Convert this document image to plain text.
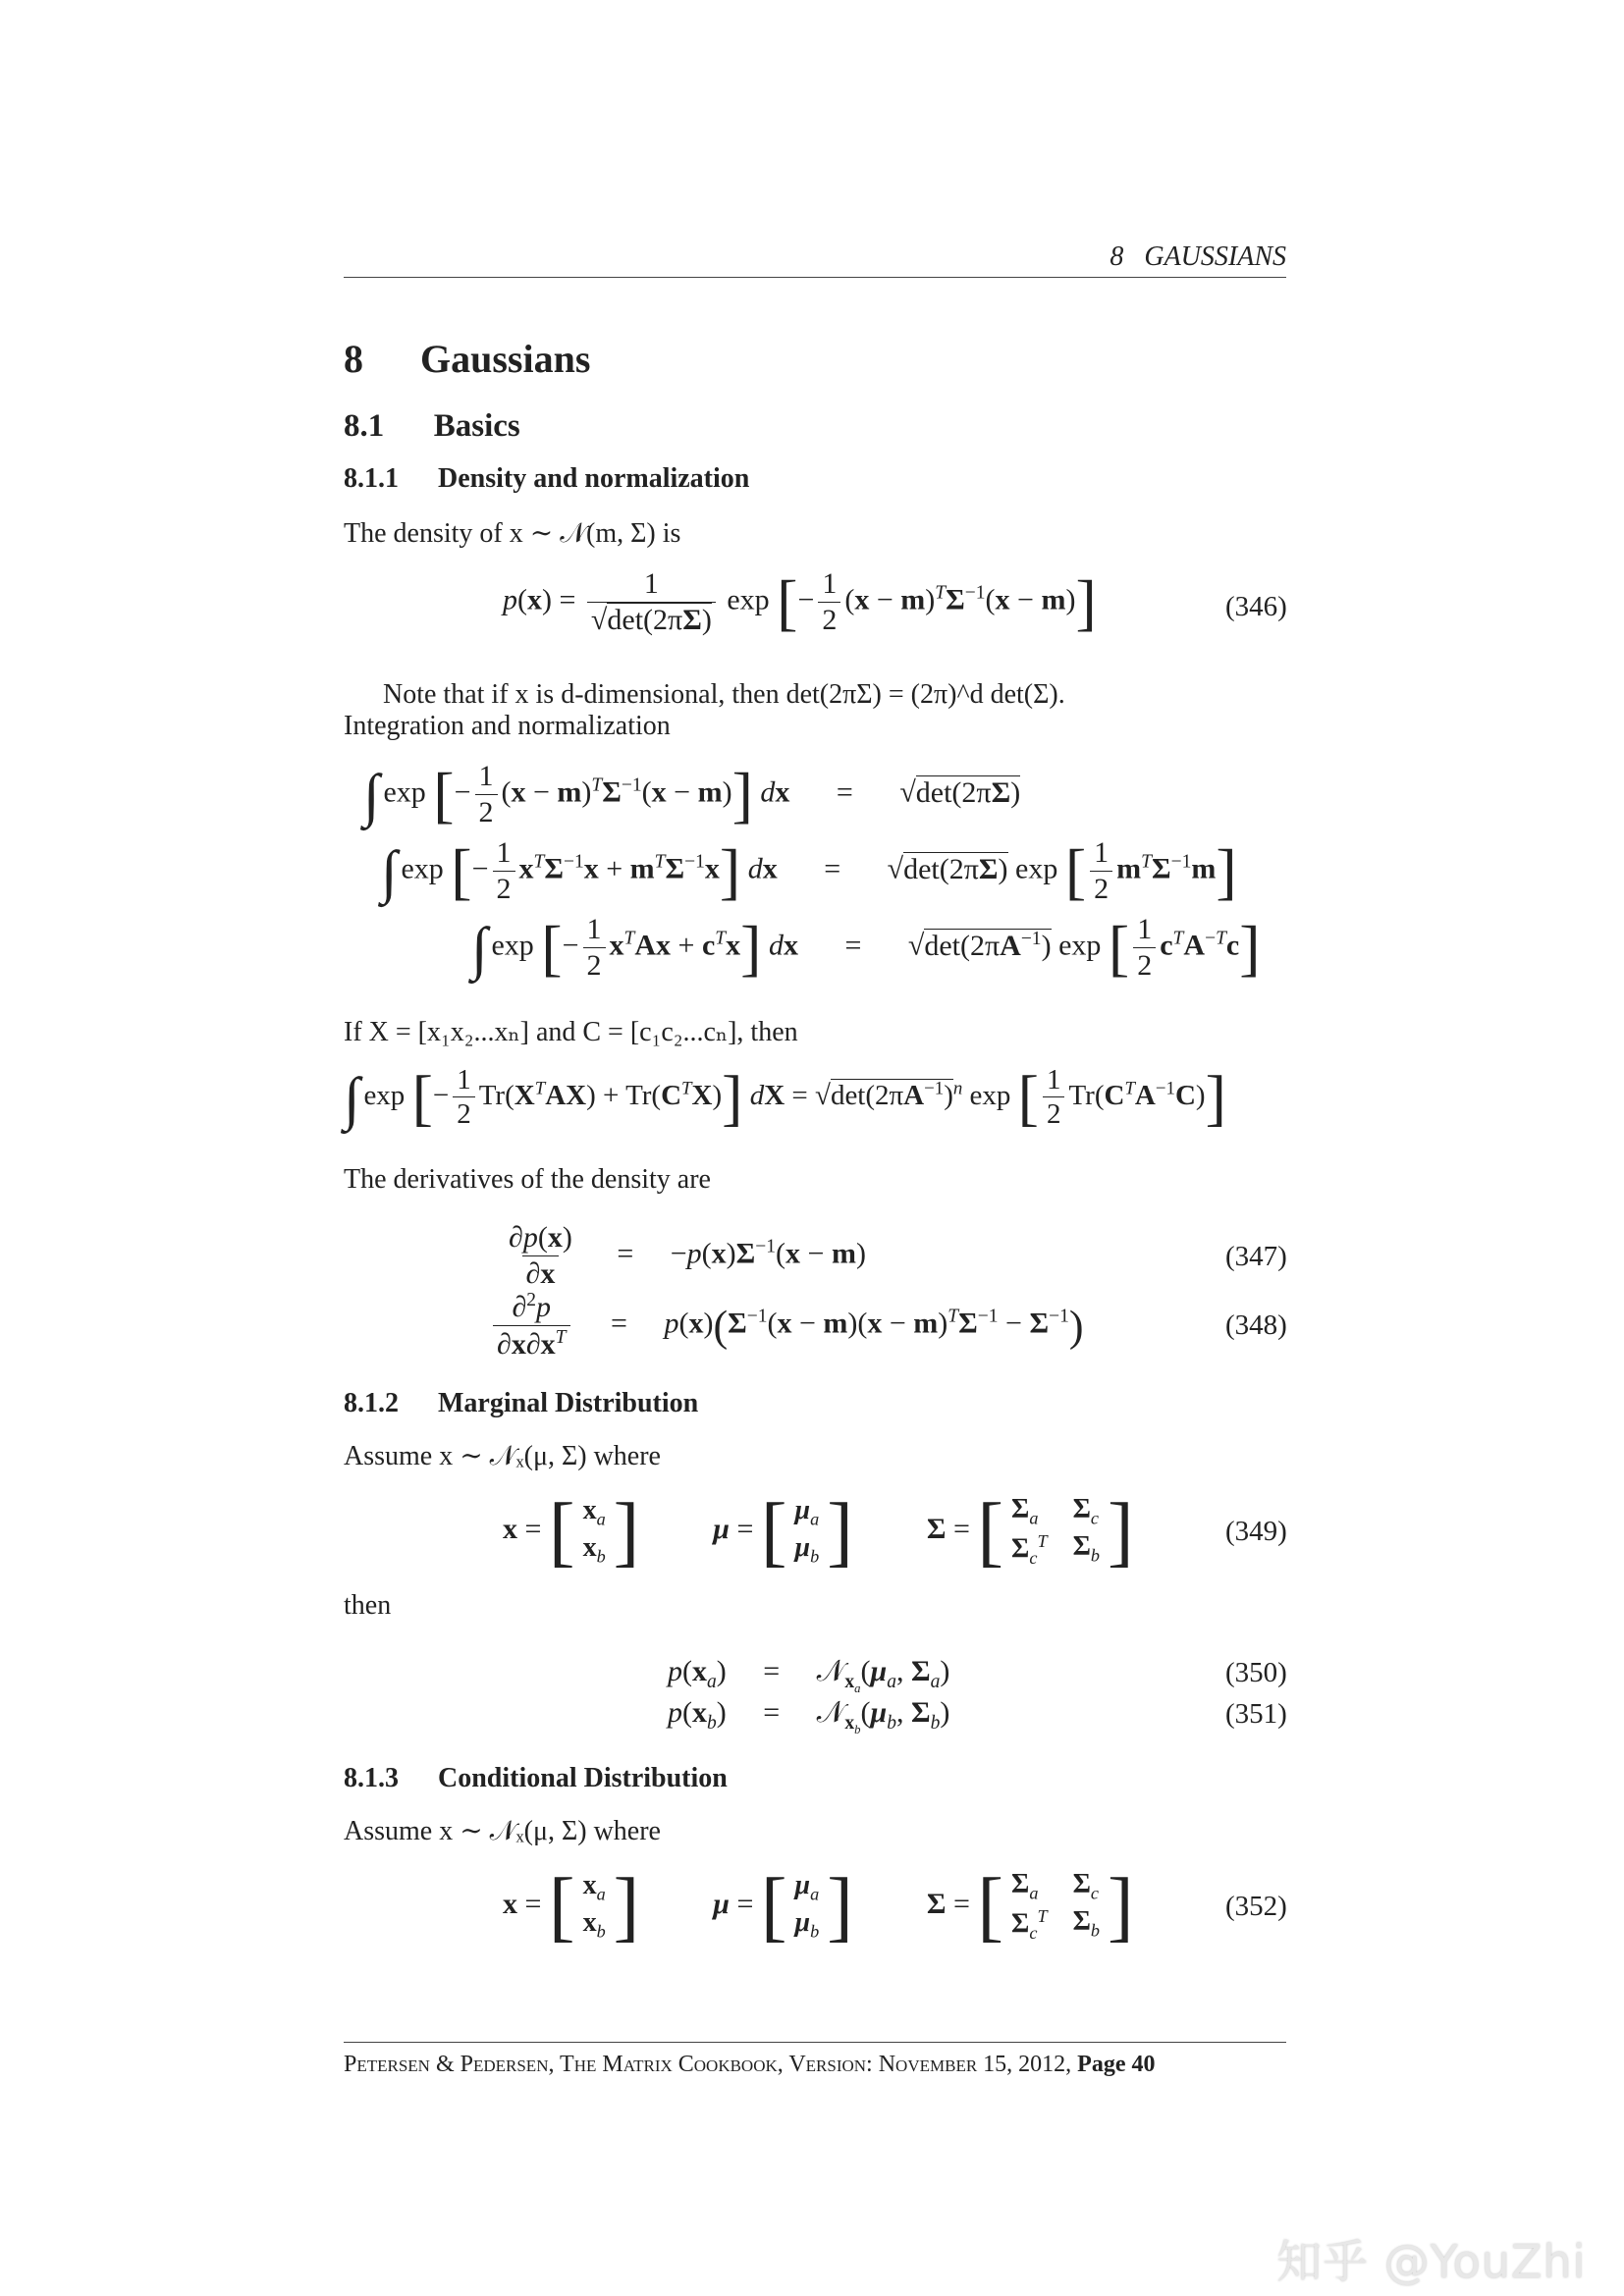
8 GAUSSIANS
8 Gaussians
8.1 Basics
8.1.1 Density and normalization
The density of x ∼ 𝒩(m, Σ) is
$p(x) = \frac{1}{√\det(2\pi\Sigma)}$ exp [− $\frac{1}{2} (x - m)^T\Sigma^{-1}(x - m)$]	(346)
Note that if x is d-dimensional, then det(2πΣ) = (2π)^d det(Σ).
Integration and normalization
∫ exp [− $\frac{1}{2} (x - m)^T\Sigma^{-1}(x - m)$] dx = √det(2πΣ)
∫ exp [− $\frac{1}{2} x^T\Sigma^{-1}x + m^T\Sigma^{-1}x$] dx = √det(2πΣ) exp [ $\frac{1}{2} m^T\Sigma^{-1}m$]
∫ exp [− $\frac{1}{2} x^TAx + c^Tx$] dx = $√\det(2\pi A^{-1})$ exp [ $\frac{1}{2} c^TA^{-T}c$]
If X = [x₁x₂...xₙ] and C = [c₁c₂...cₙ], then
∫ exp [− $\frac{1}{2} Tr(X^TAX) + Tr(C^TX)$] dX = $√\det(2\pi A^{-1})^n$ exp [ $\frac{1}{2} Tr(C^TA^{-1}C)$]
The derivatives of the density are
$\frac{\partial p(x)}{\partial x} = -p(x)\Sigma^{-1}(x - m)$	(347)
$\frac{\partial^2p}{\partial x\partial x^T} = p(x)(\Sigma^{-1}(x - m)(x - m)^T\Sigma^{-1} - \Sigma^{-1})$	(348)
8.1.2 Marginal Distribution
Assume x ∼ 𝒩ₓ(μ, Σ) where
x = [ $x_a$
$x_b$ ]	μ = [ $\mu_a$
$\mu_b$ ]	Σ = [ $\Sigma_a$	$\Sigma_c$
$\Sigma_c^T$ $\Sigma_b$ ]	(349)
then
$p(x_a)$ = $𝒩_{x_a}(\mu_a$, $\Sigma_a$)	(350)
$p(x_b)$ = $𝒩_{x_b}(\mu_b$, $\Sigma_b$)	(351)
8.1.3 Conditional Distribution
Assume x ∼ 𝒩ₓ(μ, Σ) where
x = [ $x_a$
$x_b$ ]	μ = [ $\mu_a$
$\mu_b$ ]	Σ = [ $\Sigma_a$	$\Sigma_c$
$\Sigma_c^T$ $\Sigma_b$ ]	(352)
Petersen & Pedersen, The Matrix Cookbook, Version: November 15, 2012, Page 40
知乎 @YouZhi
